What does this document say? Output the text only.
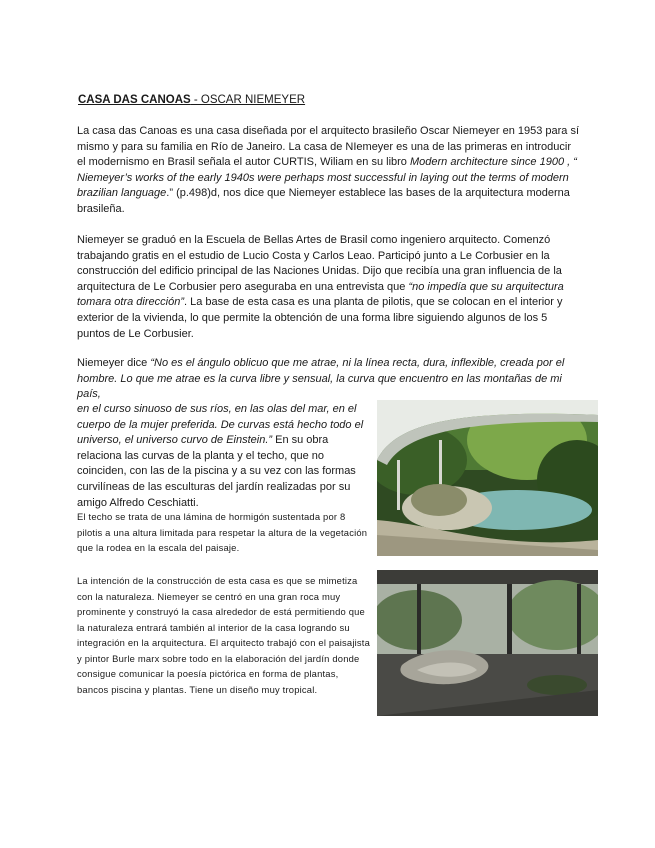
CASA DAS CANOAS - OSCAR NIEMEYER

La casa das Canoas es una casa diseñada por el arquitecto brasileño Oscar Niemeyer en 1953 para sí mismo y para su familia en Río de Janeiro. La casa de NIemeyer es una de las primeras en introducir el modernismo en Brasil señala el autor CURTIS, Wiliam en su libro Modern architecture since 1900 , “ Niemeyer’s works of the early 1940s were perhaps most successful in laying out the terms of modern brazilian language.” (p.498)d, nos dice que Niemeyer establece las bases de la arquitectura moderna brasileña.

Niemeyer se graduó en la Escuela de Bellas Artes de Brasil como ingeniero arquitecto. Comenzó trabajando gratis en el estudio de Lucio Costa y Carlos Leao. Participó junto a Le Corbusier en la construcción del edificio principal de las Naciones Unidas. Dijo que recibía una gran influencia de la arquitectura de Le Corbusier pero aseguraba en una entrevista que “no impedía que su arquitectura tomara otra dirección”. La base de esta casa es una planta de pilotis, que se colocan en el interior y exterior de la vivienda, lo que permite la obtención de una forma libre siguiendo algunos de los 5 puntos de Le Corbusier.

Niemeyer dice “No es el ángulo oblicuo que me atrae, ni la línea recta, dura, inflexible, creada por el hombre. Lo que me atrae es la curva libre y sensual, la curva que encuentro en las montañas de mi país,

en el curso sinuoso de sus ríos, en las olas del mar, en el cuerpo de la mujer preferida. De curvas está hecho todo el universo, el universo curvo de Einstein.” En su obra relaciona las curvas de la planta y el techo, que no coinciden, con las de la piscina y a su vez con las formas curvilíneas de las esculturas del jardín realizadas por su amigo Alfredo Ceschiatti.

El techo se trata de una lámina de hormigón sustentada por 8 pilotis a una altura limitada para respetar la altura de la vegetación que la rodea en la escala del paisaje.

La intención de la construcción de esta casa es que se mimetiza con la naturaleza. Niemeyer se centró en una gran roca muy prominente y construyó la casa alrededor de está permitiendo que la naturaleza entrará también al interior de la casa logrando su integración en la arquitectura. El arquitecto trabajó con el paisajista y pintor Burle marx sobre todo en la elaboración del jardín donde consigue comunicar la poesía pictórica en forma de plantas, bancos piscina y plantas. Tiene un diseño muy tropical.
